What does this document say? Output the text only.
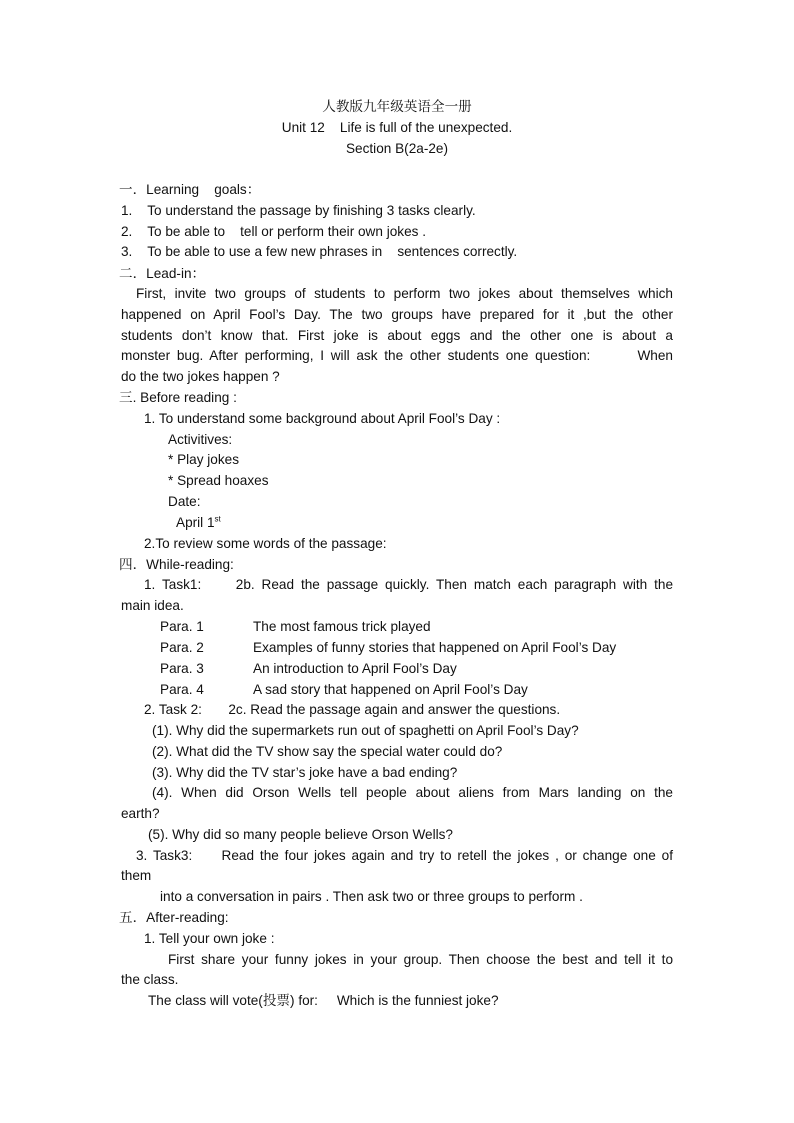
人教版九年级英语全一册
Unit 12    Life is full of the unexpected.
Section B(2a-2e)
一．Learning    goals：
1.    To understand the passage by finishing 3 tasks clearly.
2.    To be able to    tell or perform their own jokes .
3.    To be able to use a few new phrases in    sentences correctly.
二．Lead-in：
First, invite two groups of students to perform two jokes about themselves which
happened on April Fool’s Day. The two groups have prepared for it ,but the other
students don’t know that. First joke is about eggs and the other one is about a
monster bug. After performing, I will ask the other students one question:       When
do the two jokes happen ?
三. Before reading :
1. To understand some background about April Fool’s Day :
Activitives:
* Play jokes
* Spread hoaxes
Date:
April 1st
2.To review some words of the passage:
四．While-reading:
1. Task1:     2b. Read the passage quickly. Then match each paragraph with the
main idea.
Para. 1	The most famous trick played
Para. 2	Examples of funny stories that happened on April Fool’s Day
Para. 3	An introduction to April Fool’s Day
Para. 4	A sad story that happened on April Fool’s Day
2. Task 2:       2c. Read the passage again and answer the questions.
(1). Why did the supermarkets run out of spaghetti on April Fool’s Day?
(2). What did the TV show say the special water could do?
(3). Why did the TV star’s joke have a bad ending?
(4). When did Orson Wells tell people about aliens from Mars landing on the
earth?
(5). Why did so many people believe Orson Wells?
3. Task3:     Read the four jokes again and try to retell the jokes , or change one of
them
into a conversation in pairs . Then ask two or three groups to perform .
五．After-reading:
1. Tell your own joke :
First share your funny jokes in your group. Then choose the best and tell it to
the class.
The class will vote(投票) for:     Which is the funniest joke?
